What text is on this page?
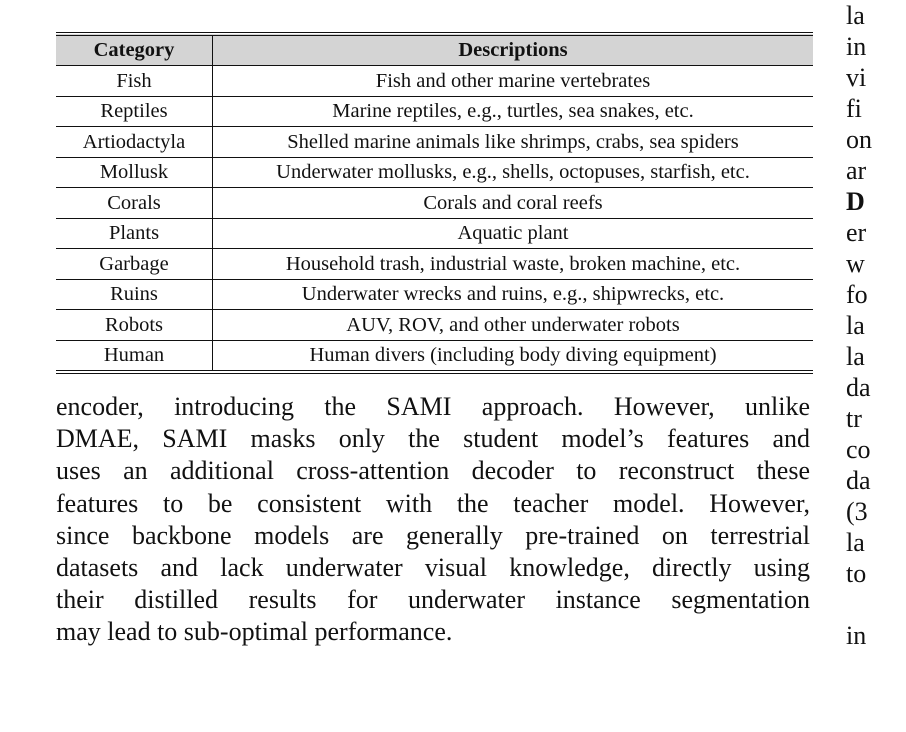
Category	Descriptions
Fish	Fish and other marine vertebrates
Reptiles	Marine reptiles, e.g., turtles, sea snakes, etc.
Artiodactyla	Shelled marine animals like shrimps, crabs, sea spiders
Mollusk	Underwater mollusks, e.g., shells, octopuses, starfish, etc.
Corals	Corals and coral reefs
Plants	Aquatic plant
Garbage	Household trash, industrial waste, broken machine, etc.
Ruins	Underwater wrecks and ruins, e.g., shipwrecks, etc.
Robots	AUV, ROV, and other underwater robots
Human	Human divers (including body diving equipment)

encoder, introducing the SAMI approach. However, unlike
DMAE, SAMI masks only the student model’s features and
uses an additional cross-attention decoder to reconstruct these
features to be consistent with the teacher model. However,
since backbone models are generally pre-trained on terrestrial
datasets and lack underwater visual knowledge, directly using
their distilled results for underwater instance segmentation
may lead to sub-optimal performance.

la
in
vi
fi
on
ar
D
er
w
fo
la
la
da
tr
co
da
(3
la
to
in
